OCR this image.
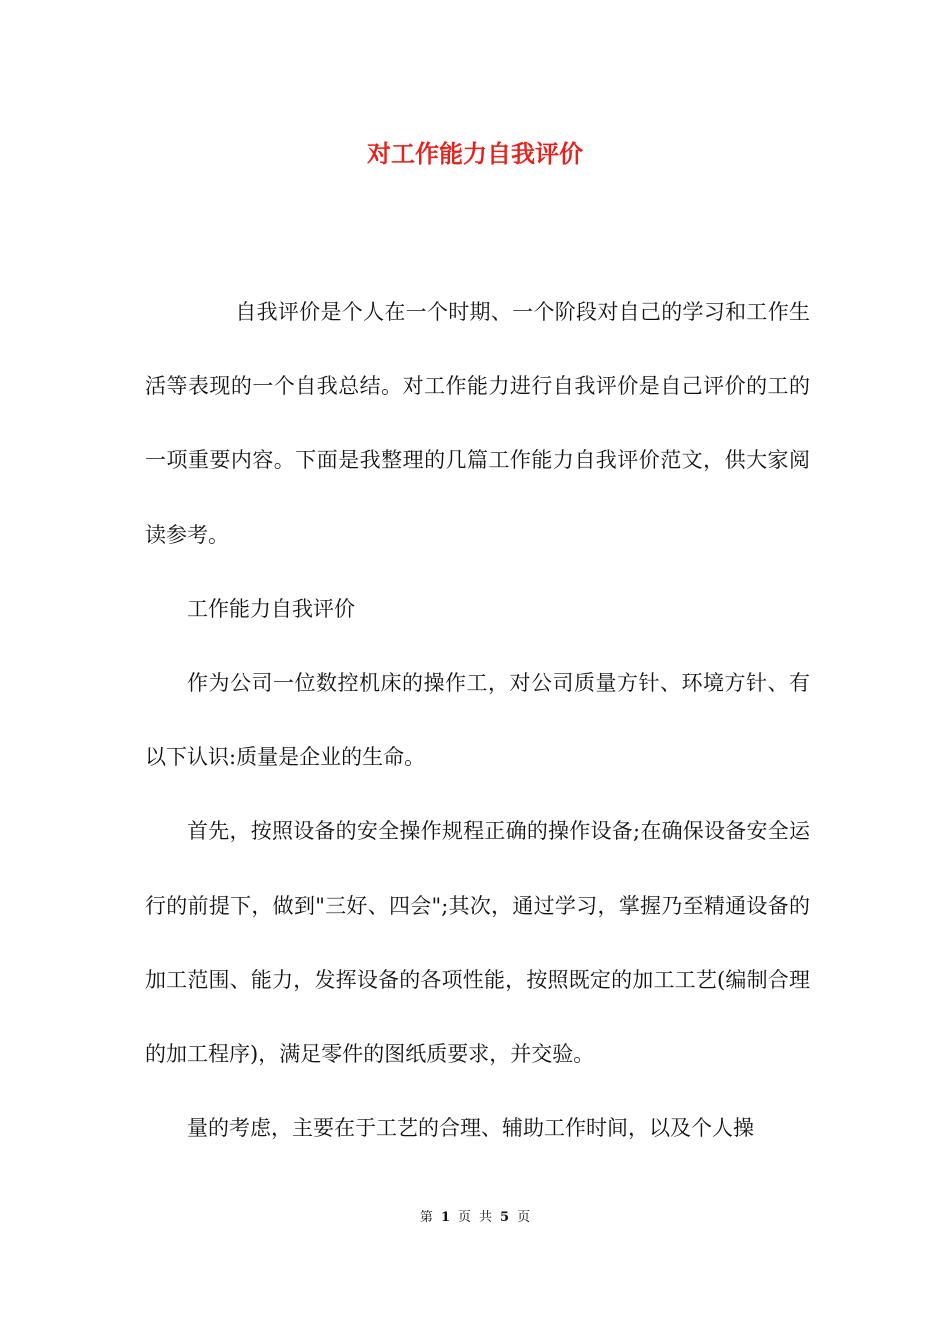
对工作能力自我评价

自我评价是个人在一个时期、一个阶段对自己的学习和工作生活等表现的一个自我总结。对工作能力进行自我评价是自己评价的工的一项重要内容。下面是我整理的几篇工作能力自我评价范文，供大家阅读参考。

工作能力自我评价

作为公司一位数控机床的操作工，对公司质量方针、环境方针、有以下认识:质量是企业的生命。

首先，按照设备的安全操作规程正确的操作设备;在确保设备安全运行的前提下，做到"三好、四会";其次，通过学习，掌握乃至精通设备的加工范围、能力，发挥设备的各项性能，按照既定的加工工艺(编制合理的加工程序)，满足零件的图纸质要求，并交验。

量的考虑，主要在于工艺的合理、辅助工作时间，以及个人操

第 1 页 共 5 页
